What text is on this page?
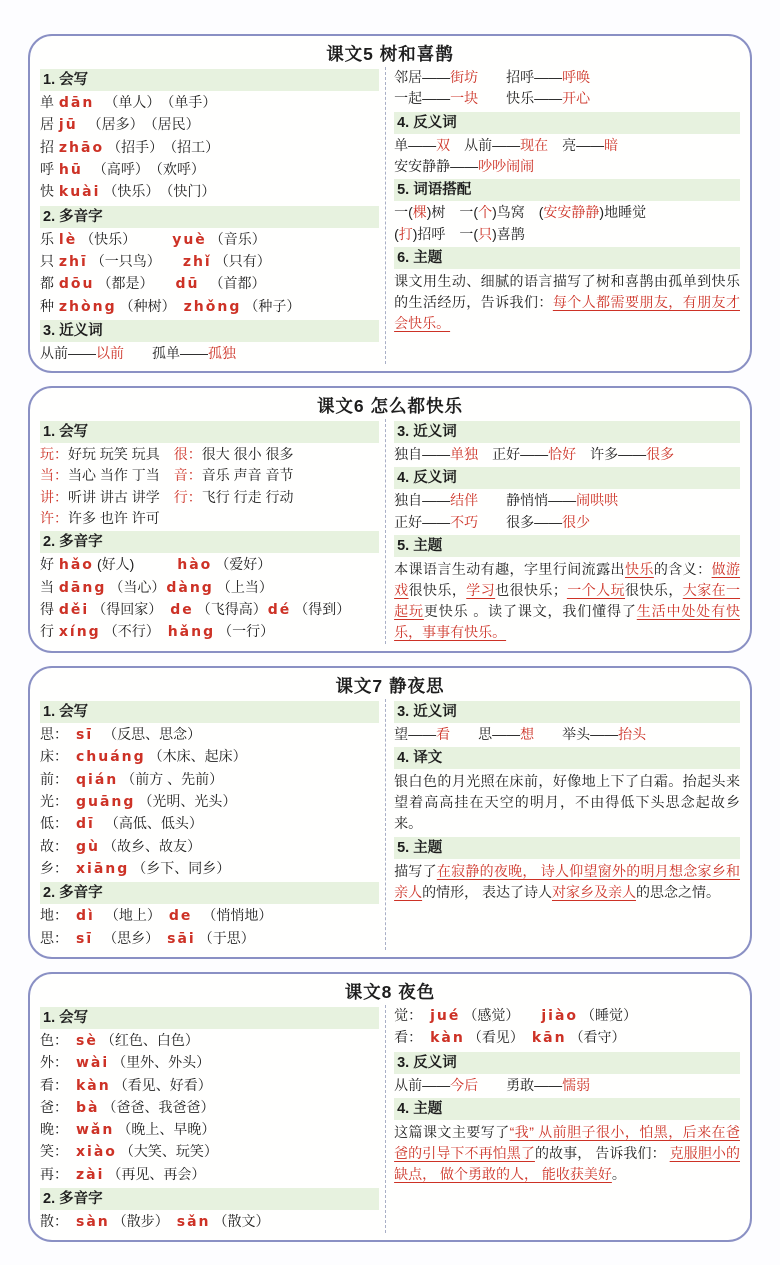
课文5 树和喜鹊
1. 会写
单 dān　（单人）　（单手）
居 jū　（居多）　（居民）
招 zhāo （招手）　（招工）
呼 hū　（高呼）　（欢呼）
快 kuài （快乐）　（快门）
2. 多音字
乐 lè （快乐）　　　yuè （音乐）
只 zhī （一只鸟）　　zhǐ （只有）
都 dōu （都是）　　dū　（首都）
种 zhòng （种树）　zhǒng （种子）
3. 近义词
从前——以前　　孤单——孤独
邻居——街坊　　招呼——呼唤
一起——一块　　快乐——开心
4. 反义词
单——双　从前——现在　亮——暗
安安静静——吵吵闹闹
5. 词语搭配
一(棵)树　一(个)鸟窝　(安安静静)地睡觉
(打)招呼　一(只)喜鹊
6. 主题
课文用生动、细腻的语言描写了树和喜鹊由孤单到快乐的生活经历，告诉我们：每个人都需要朋友，有朋友才会快乐。
课文6 怎么都快乐
1. 会写
玩：好玩 玩笑 玩具　很：很大 很小 很多
当：当心 当作 丁当　音：音乐 声音 音节
讲：听讲 讲古 讲学　行：飞行 行走 行动
许：许多 也许 许可
2. 多音字
好 hǎo (好人)　　　hào （爱好）
当 dāng （当心）dàng （上当）
得 děi （得回家）　de （飞得高）dé （得到）
行 xíng （不行）　hǎng （一行）
3. 近义词
独自——单独　正好——恰好　许多——很多
4. 反义词
独自——结伴　　静悄悄——闹哄哄
正好——不巧　　很多——很少
5. 主题
本课语言生动有趣，字里行间流露出快乐的含义：做游戏很快乐，学习也很快乐；一个人玩很快乐，大家在一起玩更快乐 。读了课文，我们懂得了生活中处处有快乐，事事有快乐。
课文7 静夜思
1. 会写
思：　sī　（反思、思念）
床：　chuáng （木床、起床）
前：　qián （前方 、先前）
光：　guāng （光明、光头）
低：　dī　（高低、低头）
故：　gù （故乡、故友）
乡：　xiāng （乡下、同乡）
2. 多音字
地：　dì　（地上）　de　（悄悄地）
思：　sī　（思乡）　sāi （于思）
3. 近义词
望——看　　思——想　　举头——抬头
4. 译文
银白色的月光照在床前，好像地上下了白霜。抬起头来望着高高挂在天空的明月，不由得低下头思念起故乡来。
5. 主题
描写了在寂静的夜晚， 诗人仰望窗外的明月想念家乡和亲人的情形， 表达了诗人对家乡及亲人的思念之情。
课文8 夜色
1. 会写
色：　sè （红色、白色）
外：　wài （里外、外头）
看：　kàn （看见、好看）
爸：　bà （爸爸、我爸爸）
晚：　wǎn （晚上、早晚）
笑：　xiào （大笑、玩笑）
再：　zài （再见、再会）
2. 多音字
散：　sàn （散步）　sǎn （散文）
觉：　jué （感觉）　　jiào （睡觉）
看：　kàn （看见）　kān （看守）
3. 反义词
从前——今后　　勇敢——懦弱
4. 主题
这篇课文主要写了“我” 从前胆子很小，怕黑，后来在爸爸的引导下不再怕黑了的故事， 告诉我们： 克服胆小的缺点， 做个勇敢的人， 能收获美好。
